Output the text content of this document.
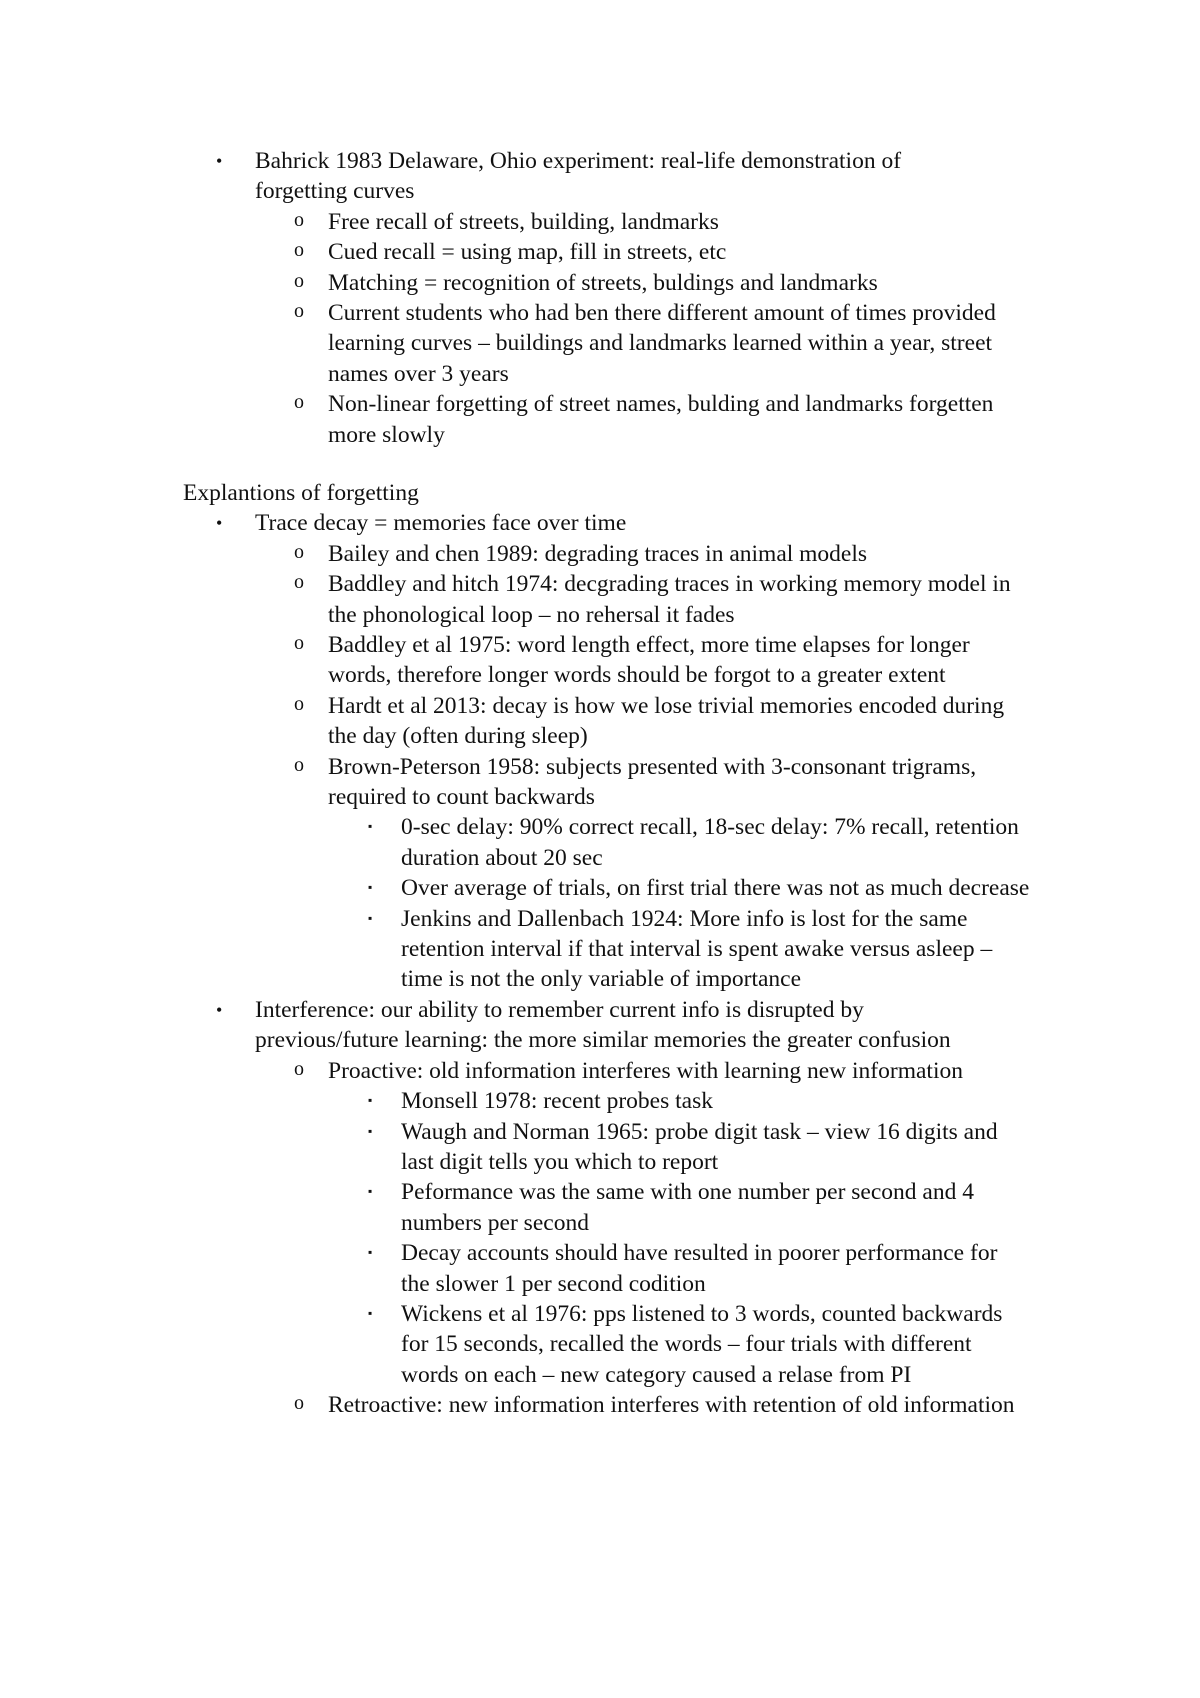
• Bahrick 1983 Delaware, Ohio experiment: real-life demonstration of forgetting curves
o Free recall of streets, building, landmarks
o Cued recall = using map, fill in streets, etc
o Matching = recognition of streets, buldings and landmarks
o Current students who had ben there different amount of times provided learning curves – buildings and landmarks learned within a year, street names over 3 years
o Non-linear forgetting of street names, bulding and landmarks forgetten more slowly
Explantions of forgetting
• Trace decay = memories face over time
o Bailey and chen 1989: degrading traces in animal models
o Baddley and hitch 1974: decgrading traces in working memory model in the phonological loop – no rehersal it fades
o Baddley et al 1975: word length effect, more time elapses for longer words, therefore longer words should be forgot to a greater extent
o Hardt et al 2013: decay is how we lose trivial memories encoded during the day (often during sleep)
o Brown-Peterson 1958: subjects presented with 3-consonant trigrams, required to count backwards
▪ 0-sec delay: 90% correct recall, 18-sec delay: 7% recall, retention duration about 20 sec
▪ Over average of trials, on first trial there was not as much decrease
▪ Jenkins and Dallenbach 1924: More info is lost for the same retention interval if that interval is spent awake versus asleep – time is not the only variable of importance
• Interference: our ability to remember current info is disrupted by previous/future learning: the more similar memories the greater confusion
o Proactive: old information interferes with learning new information
▪ Monsell 1978: recent probes task
▪ Waugh and Norman 1965: probe digit task – view 16 digits and last digit tells you which to report
▪ Peformance was the same with one number per second and 4 numbers per second
▪ Decay accounts should have resulted in poorer performance for the slower 1 per second codition
▪ Wickens et al 1976: pps listened to 3 words, counted backwards for 15 seconds, recalled the words – four trials with different words on each – new category caused a relase from PI
o Retroactive: new information interferes with retention of old information
